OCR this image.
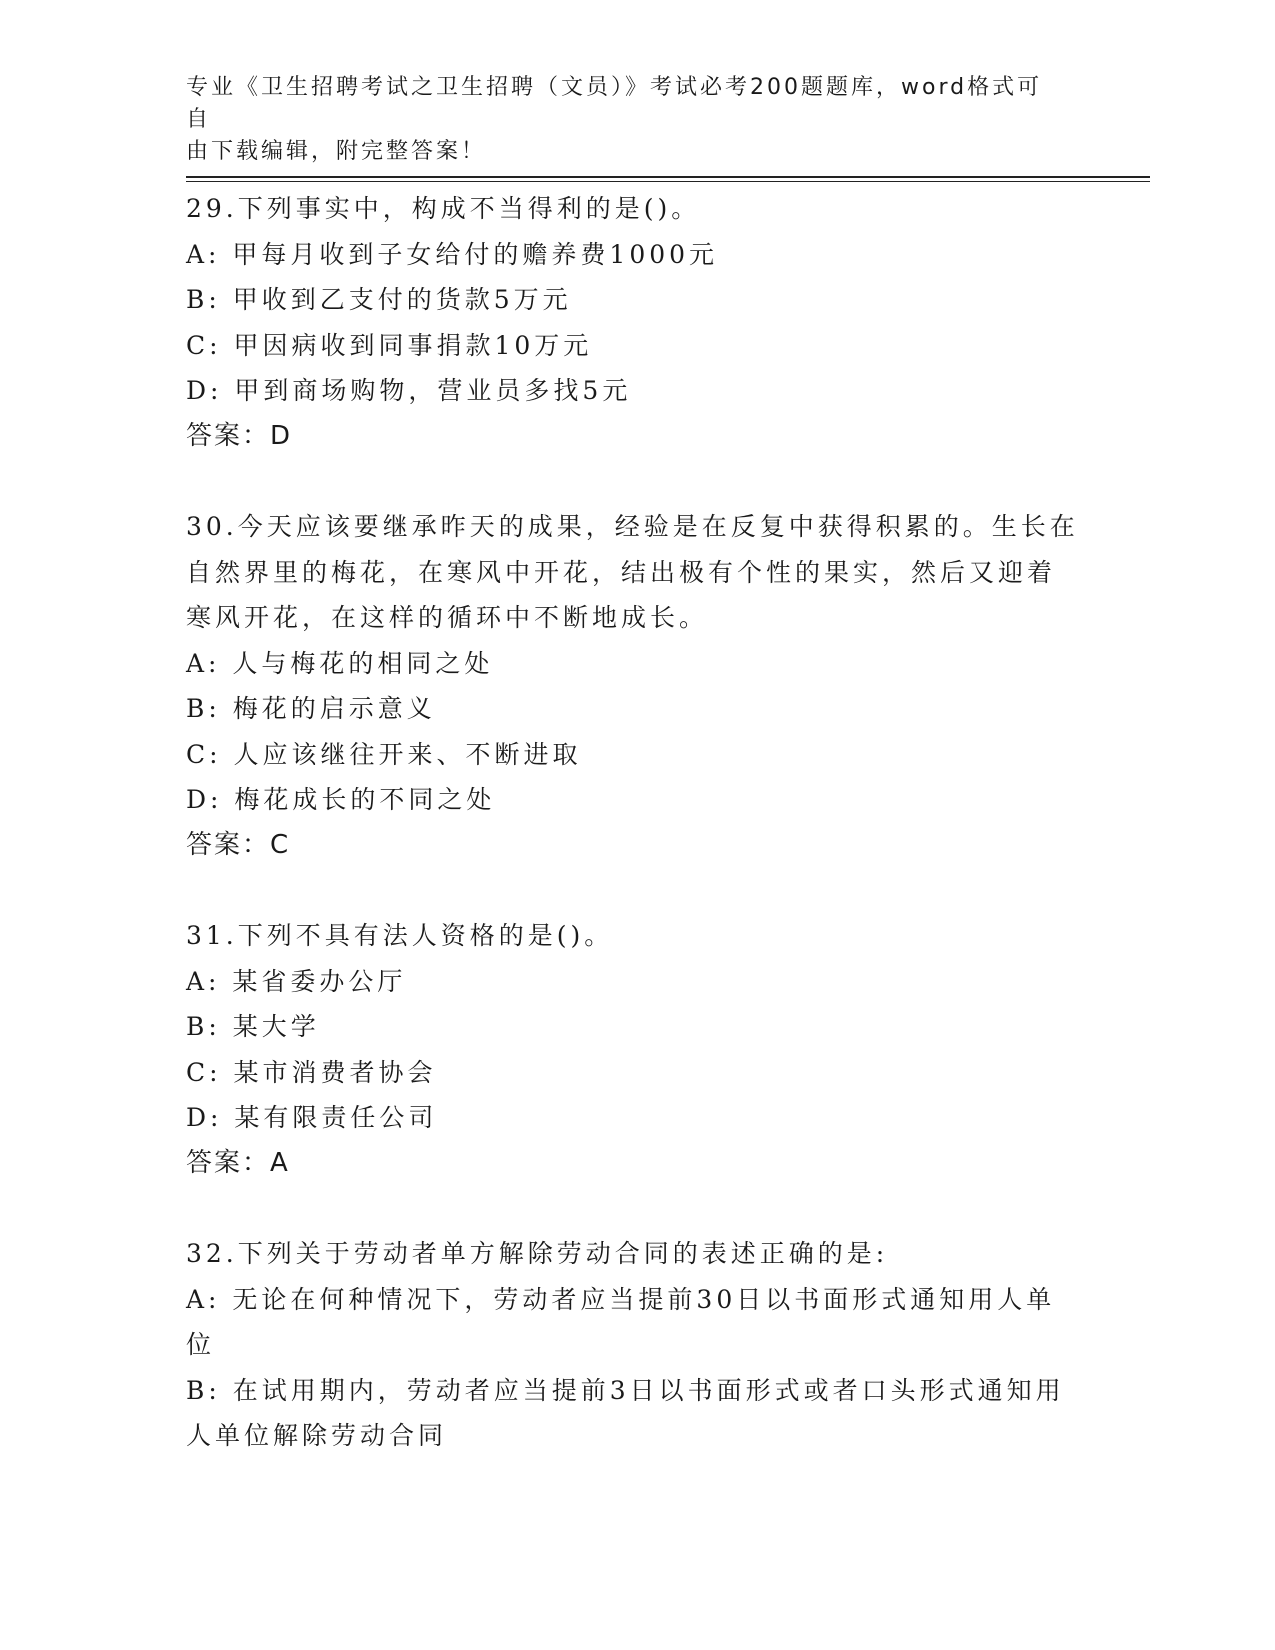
专业《卫生招聘考试之卫生招聘（文员）》考试必考200题题库，word格式可自
由下载编辑，附完整答案！
29.下列事实中，构成不当得利的是()。
A: 甲每月收到子女给付的赡养费1000元
B: 甲收到乙支付的货款5万元
C: 甲因病收到同事捐款10万元
D: 甲到商场购物，营业员多找5元
答案：D
30.今天应该要继承昨天的成果，经验是在反复中获得积累的。生长在
自然界里的梅花，在寒风中开花，结出极有个性的果实，然后又迎着
寒风开花，在这样的循环中不断地成长。
A: 人与梅花的相同之处
B: 梅花的启示意义
C: 人应该继往开来、不断进取
D: 梅花成长的不同之处
答案：C
31.下列不具有法人资格的是()。
A: 某省委办公厅
B: 某大学
C: 某市消费者协会
D: 某有限责任公司
答案：A
32.下列关于劳动者单方解除劳动合同的表述正确的是:
A: 无论在何种情况下，劳动者应当提前30日以书面形式通知用人单
位
B: 在试用期内，劳动者应当提前3日以书面形式或者口头形式通知用
人单位解除劳动合同
